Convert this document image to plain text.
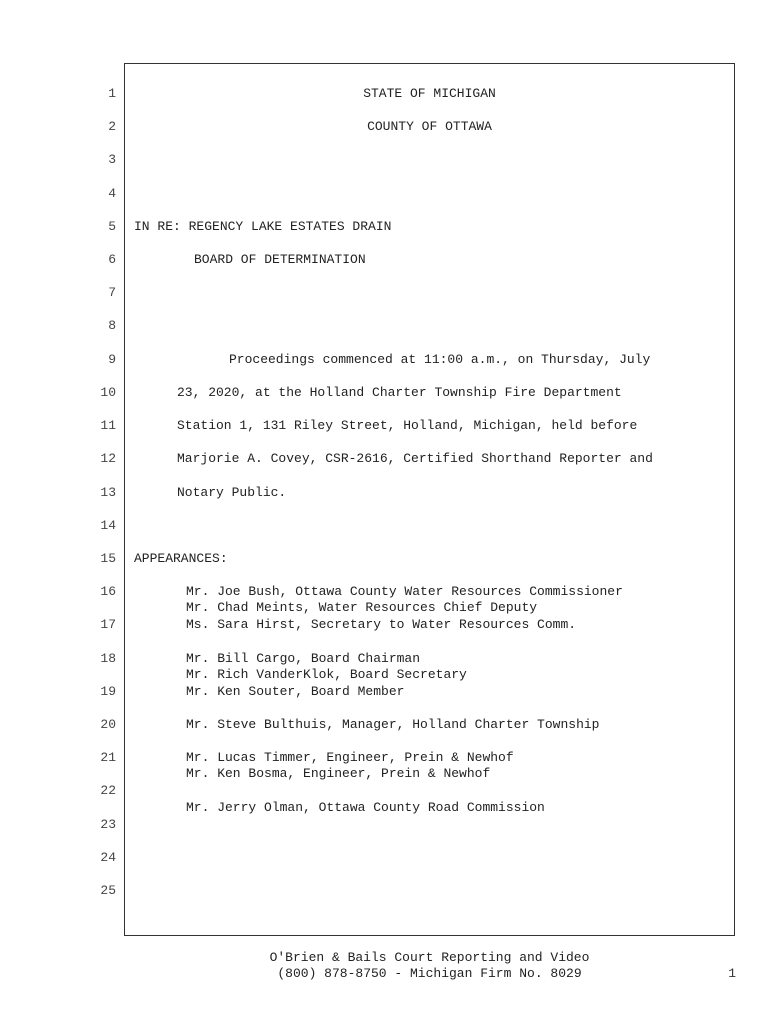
1
2
3
4
5
6
7
8
9
10
11
12
13
14
15
16
17
18
19
20
21
22
23
24
25
STATE OF MICHIGAN
COUNTY OF OTTAWA
IN RE: REGENCY LAKE ESTATES DRAIN
BOARD OF DETERMINATION
Proceedings commenced at 11:00 a.m., on Thursday, July
23, 2020, at the Holland Charter Township Fire Department
Station 1, 131 Riley Street, Holland, Michigan, held before
Marjorie A. Covey, CSR-2616, Certified Shorthand Reporter and
Notary Public.
APPEARANCES:
Mr. Joe Bush, Ottawa County Water Resources Commissioner
Mr. Chad Meints, Water Resources Chief Deputy
Ms. Sara Hirst, Secretary to Water Resources Comm.
Mr. Bill Cargo, Board Chairman
Mr. Rich VanderKlok, Board Secretary
Mr. Ken Souter, Board Member
Mr. Steve Bulthuis, Manager, Holland Charter Township
Mr. Lucas Timmer, Engineer, Prein & Newhof
Mr. Ken Bosma, Engineer, Prein & Newhof
Mr. Jerry Olman, Ottawa County Road Commission
O'Brien & Bails Court Reporting and Video
(800) 878-8750 - Michigan Firm No. 8029	1
